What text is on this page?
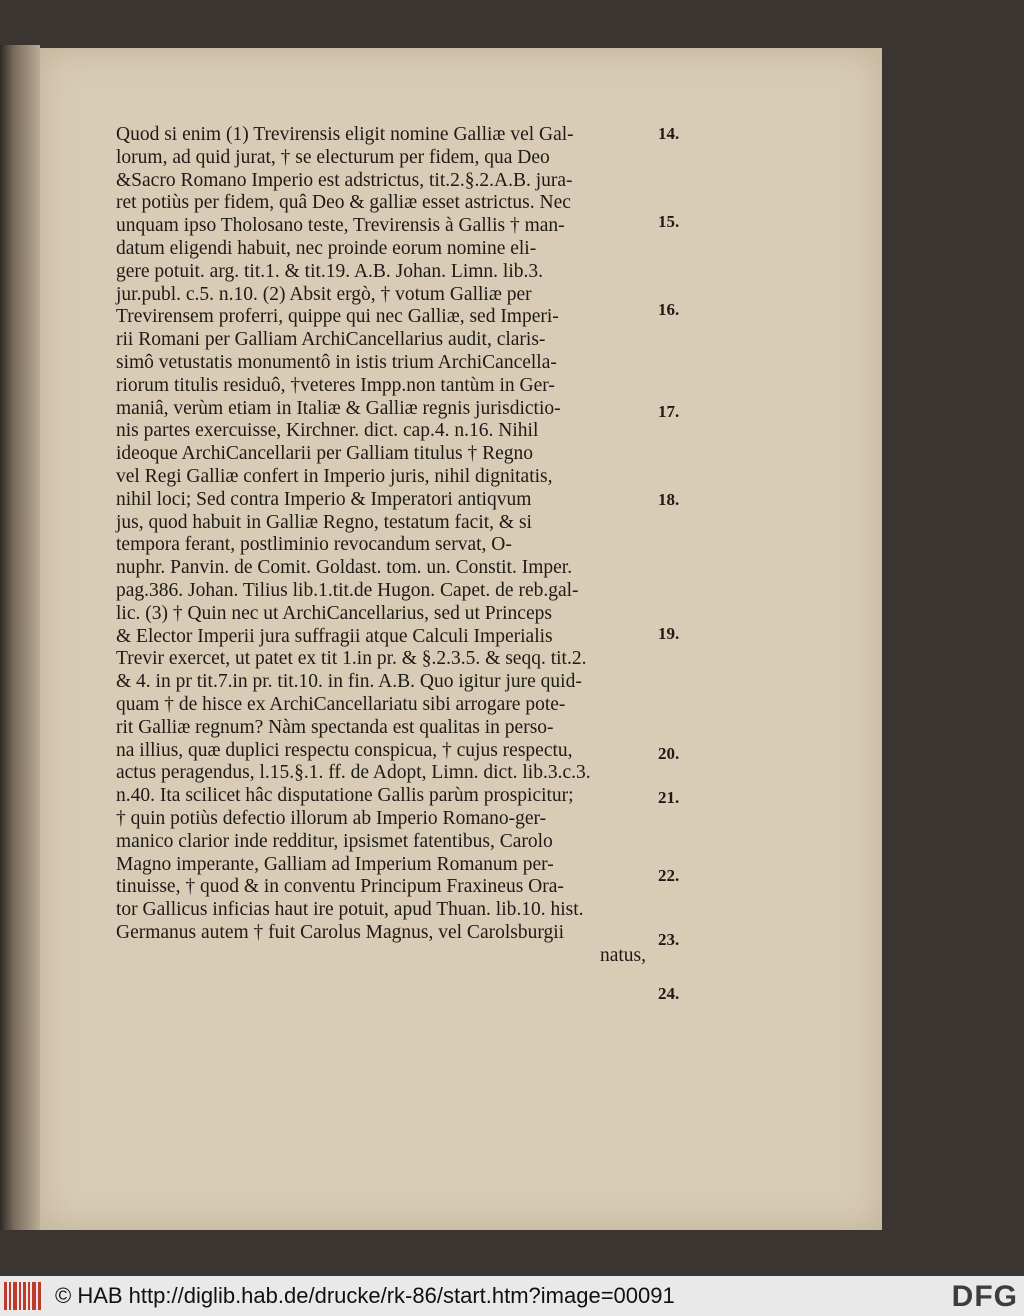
Quod si enim (1) Trevirensis eligit nomine Galliæ vel Gal-
lorum, ad quid jurat, † se electurum per fidem, qua Deo
&Sacro Romano Imperio est adstrictus, tit.2.§.2.A.B. jura-
ret potiùs per fidem, quâ Deo & galliæ esset astrictus. Nec
unquam ipso Tholosano teste, Trevirensis à Gallis † man-
datum eligendi habuit, nec proinde eorum nomine eli-
gere potuit. arg. tit.1. & tit.19. A.B. Johan. Limn. lib.3.
jur.publ. c.5. n.10. (2) Absit ergò, † votum Galliæ per
Trevirensem proferri, quippe qui nec Galliæ, sed Imperi-
rii Romani per Galliam ArchiCancellarius audit, claris-
simô vetustatis monumentô in istis trium ArchiCancella-
riorum titulis residuô, †veteres Impp.non tantùm in Ger-
maniâ, verùm etiam in Italiæ & Galliæ regnis jurisdictio-
nis partes exercuisse, Kirchner. dict. cap.4. n.16. Nihil
ideoque ArchiCancellarii per Galliam titulus † Regno
vel Regi Galliæ confert in Imperio juris, nihil dignitatis,
nihil loci; Sed contra Imperio & Imperatori antiqvum
jus, quod habuit in Galliæ Regno, testatum facit, & si
tempora ferant, postliminio revocandum servat, O-
nuphr. Panvin. de Comit. Goldast. tom. un. Constit. Imper.
pag.386. Johan. Tilius lib.1.tit.de Hugon. Capet. de reb.gal-
lic. (3) † Quin nec ut ArchiCancellarius, sed ut Princeps
& Elector Imperii jura suffragii atque Calculi Imperialis
Trevir exercet, ut patet ex tit 1.in pr. & §.2.3.5. & seqq. tit.2.
& 4. in pr tit.7.in pr. tit.10. in fin. A.B. Quo igitur jure quid-
quam † de hisce ex ArchiCancellariatu sibi arrogare pote-
rit Galliæ regnum? Nàm spectanda est qualitas in perso-
na illius, quæ duplici respectu conspicua, † cujus respectu,
actus peragendus, l.15.§.1. ff. de Adopt, Limn. dict. lib.3.c.3.
n.40. Ita scilicet hâc disputatione Gallis parùm prospicitur;
† quin potiùs defectio illorum ab Imperio Romano-ger-
manico clarior inde redditur, ipsismet fatentibus, Carolo
Magno imperante, Galliam ad Imperium Romanum per-
tinuisse, † quod & in conventu Principum Fraxineus Ora-
tor Gallicus inficias haut ire potuit, apud Thuan. lib.10. hist.
Germanus autem † fuit Carolus Magnus, vel Carolsburgii
natus,
14.
15.
16.
17.
18.
19.
20.
21.
22.
23.
24.
© HAB http://diglib.hab.de/drucke/rk-86/start.htm?image=00091	DFG
